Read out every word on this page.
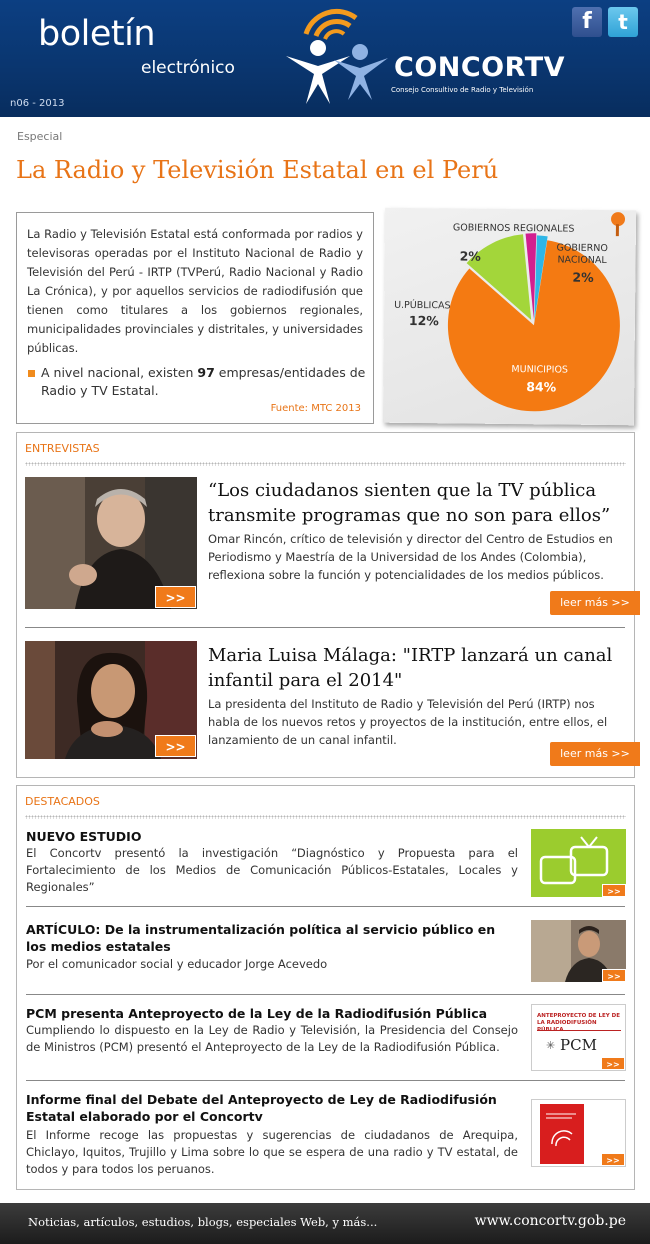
boletín
electrónico
n06 - 2013
CONCORTV
Consejo Consultivo de Radio y Televisión
f	t
Especial
La Radio y Televisión Estatal en el Perú
La Radio y Televisión Estatal está conformada por radios y televisoras operadas por el Instituto Nacional de Radio y Televisión del Perú - IRTP (TVPerú, Radio Nacional y Radio La Crónica), y por aquellos servicios de radiodifusión que tienen como titulares a los gobiernos regionales, municipalidades provinciales y distritales, y universidades públicas.
A nivel nacional, existen 97 empresas/entidades de Radio y TV Estatal.
Fuente: MTC 2013
GOBIERNOS REGIONALES
2%
GOBIERNO NACIONAL
2%
U.PÚBLICAS
12%
MUNICIPIOS
84%
ENTREVISTAS
>>
“Los ciudadanos sienten que la TV pública transmite programas que no son para ellos”
Omar Rincón, crítico de televisión y director del Centro de Estudios en Periodismo y Maestría de la Universidad de los Andes (Colombia), reflexiona sobre la función y potencialidades de los medios públicos.
leer más >>
>>
Maria Luisa Málaga: "IRTP lanzará un canal infantil para el 2014"
La presidenta del Instituto de Radio y Televisión del Perú (IRTP) nos habla de los nuevos retos y proyectos de la institución, entre ellos, el lanzamiento de un canal infantil.
leer más >>
DESTACADOS
NUEVO ESTUDIO
El Concortv presentó la investigación “Diagnóstico y Propuesta para el Fortalecimiento de los Medios de Comunicación Públicos-Estatales, Locales y Regionales”	>>
ARTÍCULO: De la instrumentalización política al servicio público en los medios estatales
Por el comunicador social y educador Jorge Acevedo
>>
PCM presenta Anteproyecto de la Ley de la Radiodifusión Pública
Cumpliendo lo dispuesto en la Ley de Radio y Televisión, la Presidencia del Consejo de Ministros (PCM) presentó el Anteproyecto de la Ley de la Radiodifusión Pública.
ANTEPROYECTO DE LEY DE LA RADIODIFUSIÓN
PCM
✳
>>
Informe final del Debate del Anteproyecto de Ley de Radiodifusión Estatal elaborado por el Concortv
El Informe recoge las propuestas y sugerencias de ciudadanos de Arequipa, Chiclayo, Iquitos, Trujillo y Lima sobre lo que se espera de una radio y TV estatal, de todos y para todos los peruanos.
>>
Noticias, artículos, estudios, blogs, especiales Web, y más...	www.concortv.gob.pe
